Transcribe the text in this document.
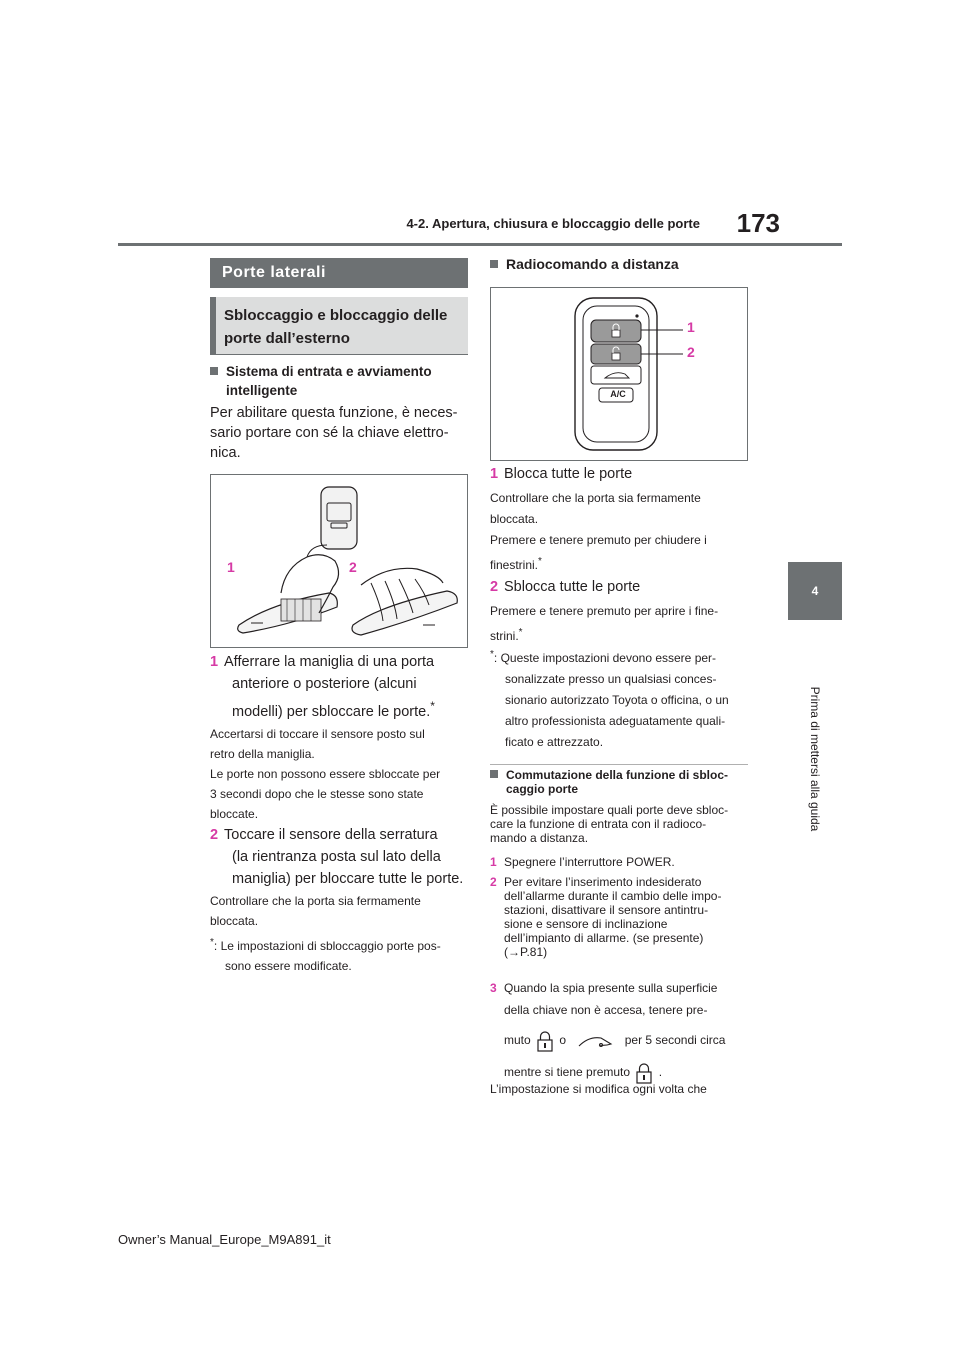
4-2. Apertura, chiusura e bloccaggio delle porte	173
4
Prima di mettersi alla guida
Porte laterali
Sbloccaggio e bloccaggio delle porte dall’esterno
Sistema di entrata e avviamento
intelligente
Per abilitare questa funzione, è neces-
sario portare con sé la chiave elettro-
nica.
1	2
1 Afferrare la maniglia di una porta
anteriore o posteriore (alcuni
modelli) per sbloccare le porte.*
Accertarsi di toccare il sensore posto sul
retro della maniglia.
Le porte non possono essere sbloccate per
3 secondi dopo che le stesse sono state
bloccate.
2 Toccare il sensore della serratura
(la rientranza posta sul lato della
maniglia) per bloccare tutte le porte.
Controllare che la porta sia fermamente
bloccata.
*: Le impostazioni di sbloccaggio porte pos-
sono essere modificate.
Radiocomando a distanza
A/C
1
2
1 Blocca tutte le porte
Controllare che la porta sia fermamente
bloccata.
Premere e tenere premuto per chiudere i
finestrini.*
2 Sblocca tutte le porte
Premere e tenere premuto per aprire i fine-
strini.*
*: Queste impostazioni devono essere per-
sonalizzate presso un qualsiasi conces-
sionario autorizzato Toyota o officina, o un
altro professionista adeguatamente quali-
ficato e attrezzato.
Commutazione della funzione di sbloc-
caggio porte
È possibile impostare quali porte deve sbloc-
care la funzione di entrata con il radioco-
mando a distanza.
1 Spegnere l’interruttore POWER.
2 Per evitare l’inserimento indesiderato
dell’allarme durante il cambio delle impo-
stazioni, disattivare il sensore antintru-
sione e sensore di inclinazione
dell’impianto di allarme. (se presente)
(→P.81)
3 Quando la spia presente sulla superficie
della chiave non è accesa, tenere pre-
muto o	per 5 secondi circa
mentre si tiene premuto .
L’impostazione si modifica ogni volta che
Owner’s Manual_Europe_M9A891_it
